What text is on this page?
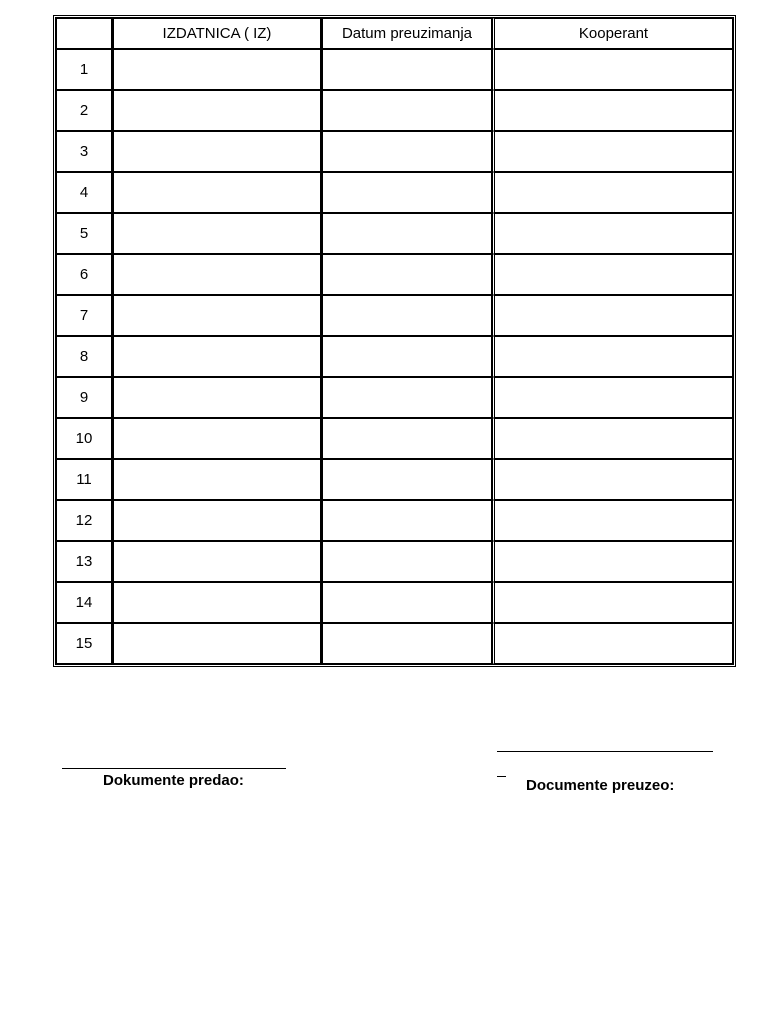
	IZDATNICA ( IZ)	Datum preuzimanja	Kooperant
1			
2			
3			
4			
5			
6			
7			
8			
9			
10			
11			
12			
13			
14			
15			
Dokumente predao:	Documente preuzeo:
